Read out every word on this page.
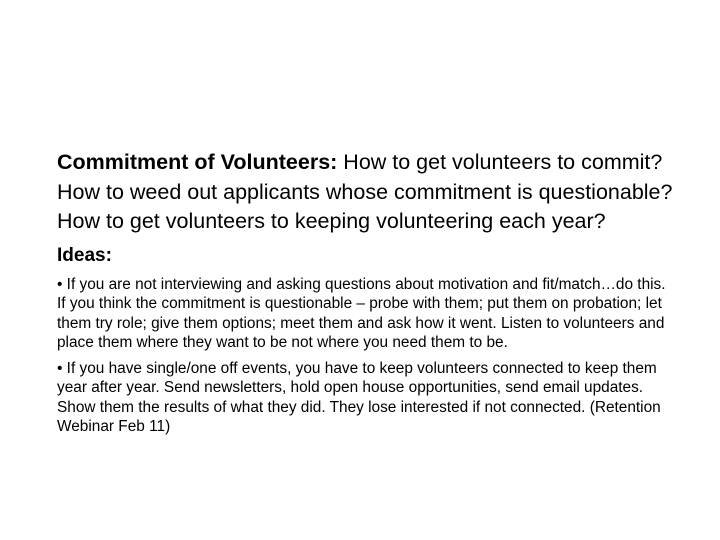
Commitment of Volunteers: How to get volunteers to commit? How to weed out applicants whose commitment is questionable? How to get volunteers to keeping volunteering each year?

Ideas:

• If you are not interviewing and asking questions about motivation and fit/match…do this. If you think the commitment is questionable – probe with them; put them on probation; let them try role; give them options; meet them and ask how it went. Listen to volunteers and place them where they want to be not where you need them to be.

• If you have single/one off events, you have to keep volunteers connected to keep them year after year. Send newsletters, hold open house opportunities, send email updates. Show them the results of what they did. They lose interested if not connected. (Retention Webinar Feb 11)
